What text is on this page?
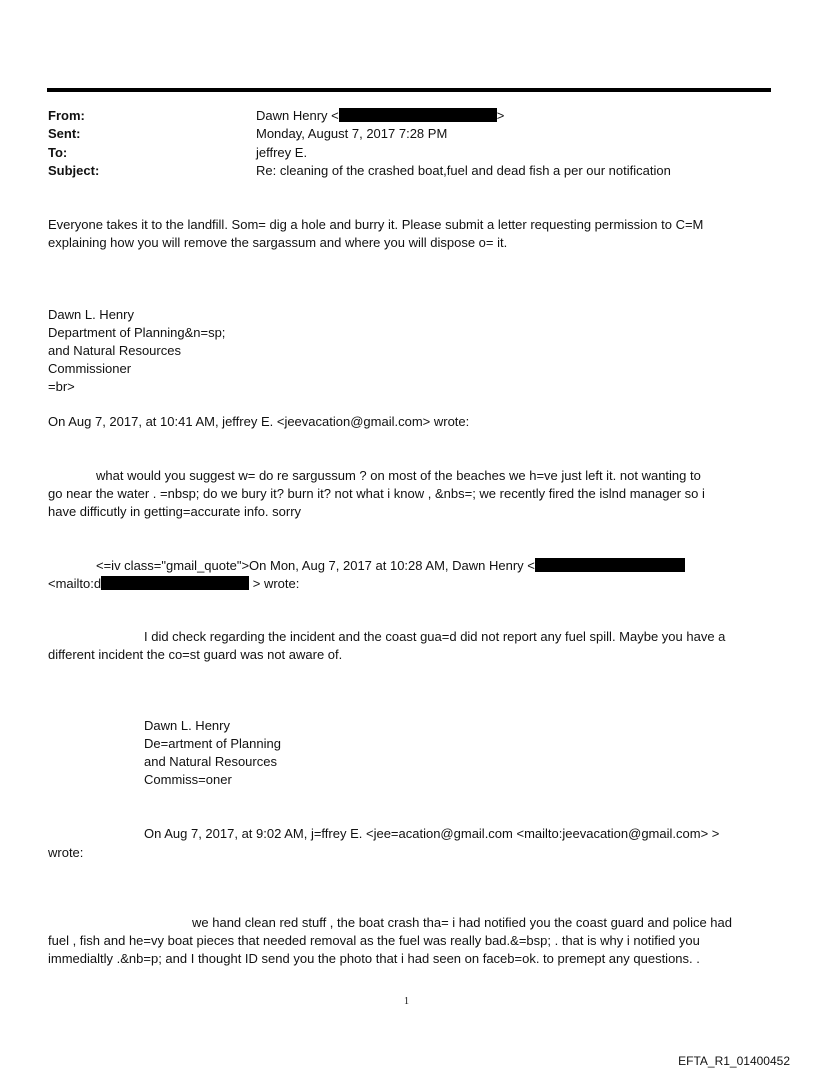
From:	Dawn Henry <	>
Sent:	Monday, August 7, 2017 7:28 PM
To:	jeffrey E.
Subject:	Re: cleaning of the crashed boat,fuel and dead fish a per our notification
Everyone takes it to the landfill. Som= dig a hole and burry it. Please submit a letter requesting permission to C=M
explaining how you will remove the sargassum and where you will dispose o= it.
Dawn L. Henry
Department of Planning&n=sp;
and Natural Resources
Commissioner
=br>
On Aug 7, 2017, at 10:41 AM, jeffrey E. <jeevacation@gmail.com> wrote:
what would you suggest w= do re sargussum ? on most of the beaches we h=ve just left it. not wanting to
go near the water . =nbsp; do we bury it? burn it? not what i know , &nbs=; we recently fired the islnd manager so i
have difficutly in getting=accurate info. sorry
<=iv class="gmail_quote">On Mon, Aug 7, 2017 at 10:28 AM, Dawn Henry <
<mailto:d	> wrote:
I did check regarding the incident and the coast gua=d did not report any fuel spill. Maybe you have a
different incident the co=st guard was not aware of.
Dawn L. Henry
De=artment of Planning
and Natural Resources
Commiss=oner
On Aug 7, 2017, at 9:02 AM, j=ffrey E. <jee=acation@gmail.com <mailto:jeevacation@gmail.com> >
wrote:
we hand clean red stuff , the boat crash tha= i had notified you the coast guard and police had
fuel , fish and he=vy boat pieces that needed removal as the fuel was really bad.&=bsp; . that is why i notified you
immedialtly .&nb=p; and I thought ID send you the photo that i had seen on faceb=ok. to premept any questions. .
1
EFTA_R1_01400452
